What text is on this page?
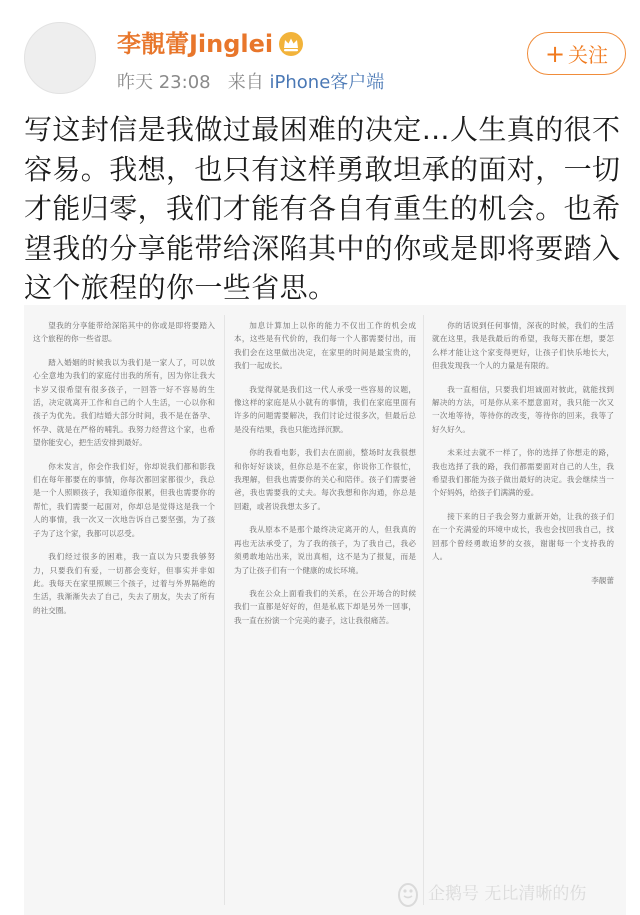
李靚蕾Jinglei
昨天 23:08 来自 iPhone客户端
+ 关注
写这封信是我做过最困难的决定…人生真的很不容易。我想，也只有这样勇敢坦承的面对，一切才能归零，我们才能有各自有重生的机会。也希望我的分享能带给深陷其中的你或是即将要踏入这个旅程的你一些省思。

望我的分享能带给深陷其中的你或是即将要踏入这个旅程的你一些省思。

踏入婚姻的时候我以为我们是一家人了，可以放心全意地为我们的家庭付出我的所有，因为你让我大卡岁又很希望有很多孩子，一回答一好不容易的生活，决定就离开工作和自己的个人生活，一心以你和孩子为优先。我们结婚大部分时间，我不是在备孕、怀孕、就是在严格的哺乳。我努力经营这个家，也希望你能安心，把生活安排到最好。

你未发言，你会作我们好，你却说我们都和影我们在每年都要在的事情，你每次都回家都很少，我总是一个人照顾孩子，我知道你很累，但我也需要你的帮忙，我们需要一起面对，你却总是觉得这是我一个人的事情，我一次又一次地告诉自己要坚强，为了孩子为了这个家，我都可以忍受。

我们经过很多的困难，我一直以为只要我够努力，只要我们有爱，一切都会变好，但事实并非如此。我每天在家里照顾三个孩子，过着与外界隔绝的生活，我渐渐失去了自己，失去了朋友，失去了所有的社交圈。

加息计算加上以你的能力不仅出工作的机会成本，这些是有代价的，我们每一个人都需要付出，而我们会在这里做出决定，在家里的时间是最宝贵的，我们一起成长。

我觉得就是我们这一代人承受一些容易的议题，像这样的家庭是从小就有的事情，我们在家庭里面有许多的问题需要解决，我们讨论过很多次，但最后总是没有结果，我也只能选择沉默。

你的我看电影，我们去在面前，整场时友我很想和你好好谈谈，但你总是不在家，你说你工作很忙，我理解，但我也需要你的关心和陪伴。孩子们需要爸爸，我也需要我的丈夫。每次我想和你沟通，你总是回避，或者说我想太多了。

我从原本不是那个最终决定离开的人，但我真的再也无法承受了，为了我的孩子，为了我自己，我必须勇敢地站出来，说出真相，这不是为了报复，而是为了让孩子们有一个健康的成长环境。

我在公众上面看我们的关系，在公开场合的时候我们一直都是好好的，但是私底下却是另外一回事，我一直在扮演一个完美的妻子，这让我很痛苦。

你的话说到任何事情，深夜的时候，我们的生活就在这里，我是我最后的希望，我每天都在想，要怎么样才能让这个家变得更好，让孩子们快乐地长大，但我发现我一个人的力量是有限的。

我一直相信，只要我们坦诚面对彼此，就能找到解决的方法，可是你从来不愿意面对，我只能一次又一次地等待，等待你的改变，等待你的回来，我等了好久好久。

未来过去就不一样了，你的选择了你想走的路，我也选择了我的路，我们都需要面对自己的人生，我希望我们都能为孩子做出最好的决定。我会继续当一个好妈妈，给孩子们满满的爱。

接下来的日子我会努力重新开始，让我的孩子们在一个充满爱的环境中成长，我也会找回我自己，找回那个曾经勇敢追梦的女孩，谢谢每一个支持我的人。

李靚蕾

企鹅号 无比清晰的伤
